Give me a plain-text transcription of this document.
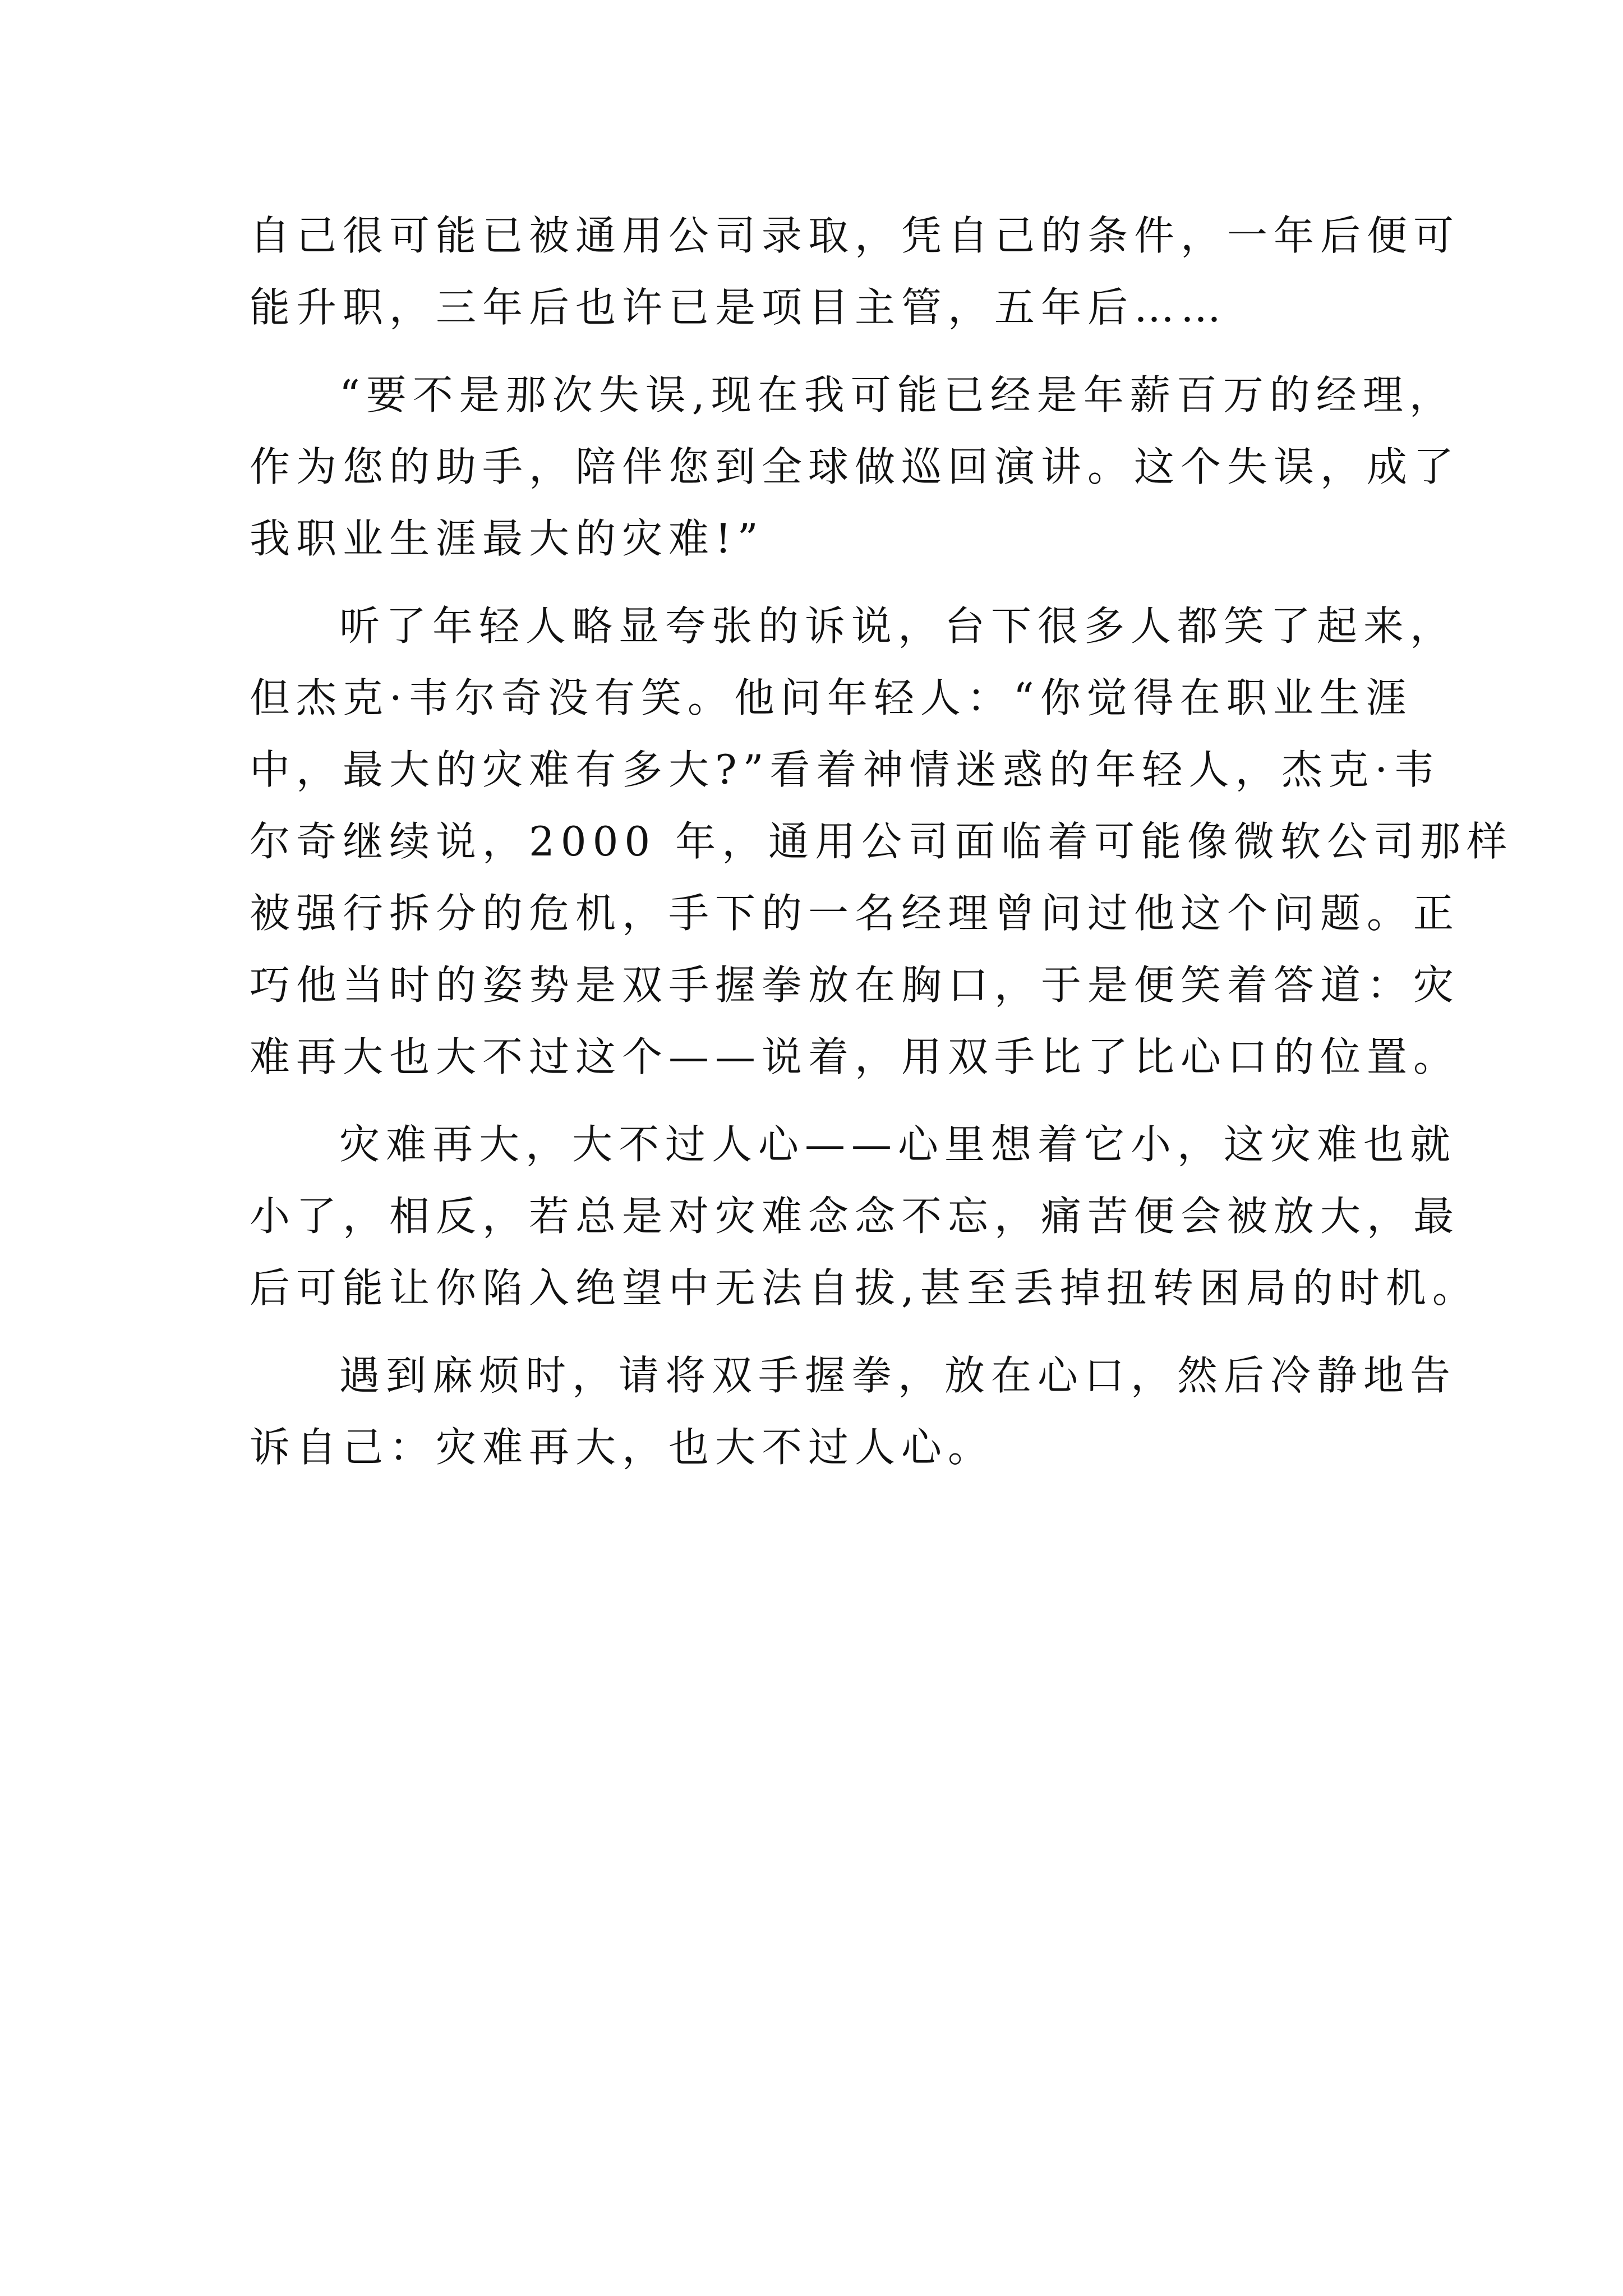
自己很可能已被通用公司录取，凭自己的条件，一年后便可
能升职，三年后也许已是项目主管，五年后……
“要不是那次失误,现在我可能已经是年薪百万的经理，
作为您的助手，陪伴您到全球做巡回演讲。这个失误，成了
我职业生涯最大的灾难!”
听了年轻人略显夸张的诉说，台下很多人都笑了起来，
但杰克·韦尔奇没有笑。他问年轻人：“你觉得在职业生涯
中，最大的灾难有多大?”看着神情迷惑的年轻人，杰克·韦
尔奇继续说，2000 年，通用公司面临着可能像微软公司那样
被强行拆分的危机，手下的一名经理曾问过他这个问题。正
巧他当时的姿势是双手握拳放在胸口，于是便笑着答道：灾
难再大也大不过这个——说着，用双手比了比心口的位置。
灾难再大，大不过人心——心里想着它小，这灾难也就
小了，相反，若总是对灾难念念不忘，痛苦便会被放大，最
后可能让你陷入绝望中无法自拔,甚至丢掉扭转困局的时机。
遇到麻烦时，请将双手握拳，放在心口，然后冷静地告
诉自己：灾难再大，也大不过人心。
